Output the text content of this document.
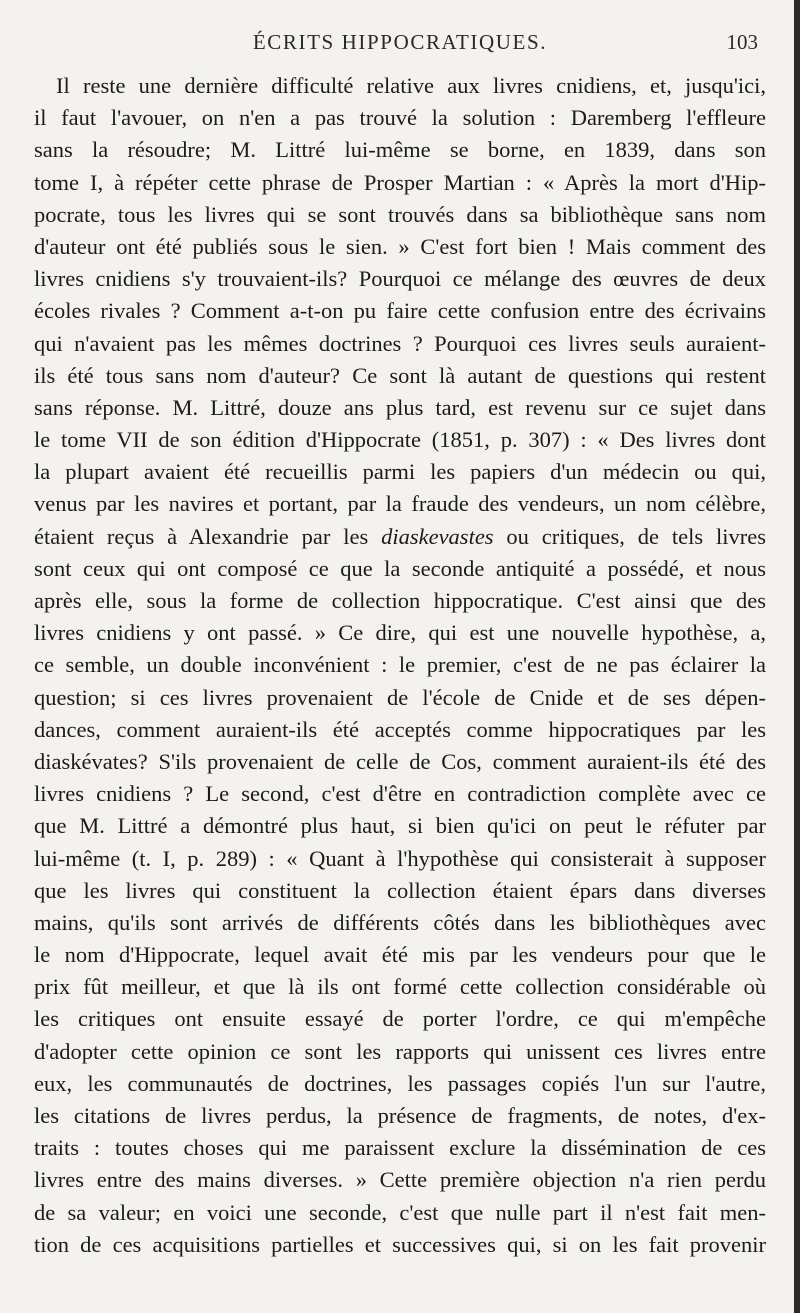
ÉCRITS HIPPOCRATIQUES.	103
Il reste une dernière difficulté relative aux livres cnidiens, et, jusqu'ici,
il faut l'avouer, on n'en a pas trouvé la solution : Daremberg l'effleure
sans la résoudre; M. Littré lui-même se borne, en 1839, dans son
tome I, à répéter cette phrase de Prosper Martian : « Après la mort d'Hip-
pocrate, tous les livres qui se sont trouvés dans sa bibliothèque sans nom
d'auteur ont été publiés sous le sien. » C'est fort bien ! Mais comment des
livres cnidiens s'y trouvaient-ils? Pourquoi ce mélange des œuvres de deux
écoles rivales ? Comment a-t-on pu faire cette confusion entre des écrivains
qui n'avaient pas les mêmes doctrines ? Pourquoi ces livres seuls auraient-
ils été tous sans nom d'auteur? Ce sont là autant de questions qui restent
sans réponse. M. Littré, douze ans plus tard, est revenu sur ce sujet dans
le tome VII de son édition d'Hippocrate (1851, p. 307) : « Des livres dont
la plupart avaient été recueillis parmi les papiers d'un médecin ou qui,
venus par les navires et portant, par la fraude des vendeurs, un nom célèbre,
étaient reçus à Alexandrie par les diaskevastes ou critiques, de tels livres
sont ceux qui ont composé ce que la seconde antiquité a possédé, et nous
après elle, sous la forme de collection hippocratique. C'est ainsi que des
livres cnidiens y ont passé. » Ce dire, qui est une nouvelle hypothèse, a,
ce semble, un double inconvénient : le premier, c'est de ne pas éclairer la
question; si ces livres provenaient de l'école de Cnide et de ses dépen-
dances, comment auraient-ils été acceptés comme hippocratiques par les
diaskévates? S'ils provenaient de celle de Cos, comment auraient-ils été des
livres cnidiens ? Le second, c'est d'être en contradiction complète avec ce
que M. Littré a démontré plus haut, si bien qu'ici on peut le réfuter par
lui-même (t. I, p. 289) : « Quant à l'hypothèse qui consisterait à supposer
que les livres qui constituent la collection étaient épars dans diverses
mains, qu'ils sont arrivés de différents côtés dans les bibliothèques avec
le nom d'Hippocrate, lequel avait été mis par les vendeurs pour que le
prix fût meilleur, et que là ils ont formé cette collection considérable où
les critiques ont ensuite essayé de porter l'ordre, ce qui m'empêche
d'adopter cette opinion ce sont les rapports qui unissent ces livres entre
eux, les communautés de doctrines, les passages copiés l'un sur l'autre,
les citations de livres perdus, la présence de fragments, de notes, d'ex-
traits : toutes choses qui me paraissent exclure la dissémination de ces
livres entre des mains diverses. » Cette première objection n'a rien perdu
de sa valeur; en voici une seconde, c'est que nulle part il n'est fait men-
tion de ces acquisitions partielles et successives qui, si on les fait provenir
